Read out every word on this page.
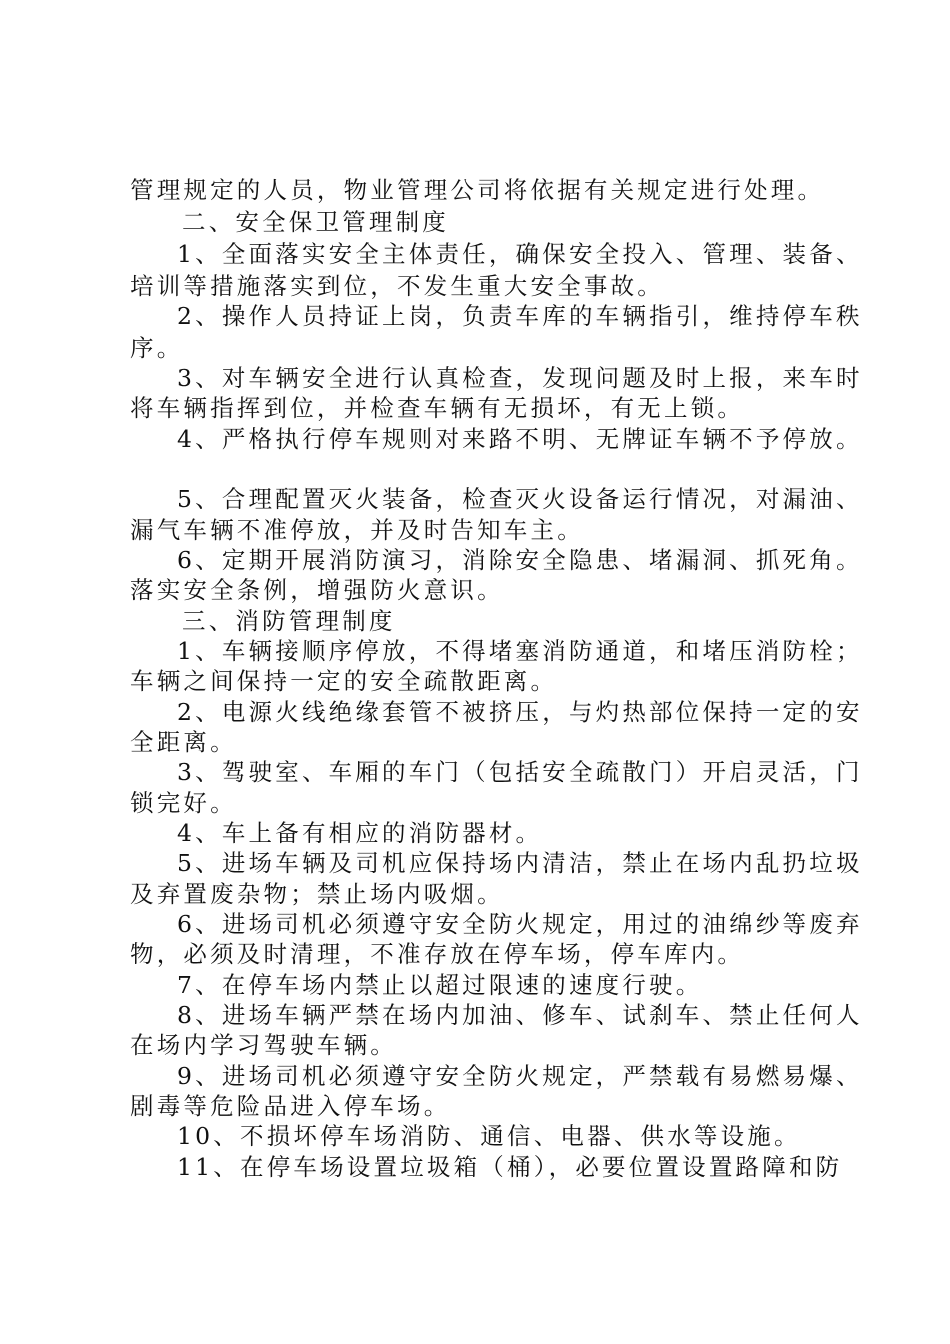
管理规定的人员，物业管理公司将依据有关规定进行处理。
二、安全保卫管理制度
1、全面落实安全主体责任，确保安全投入、管理、装备、
培训等措施落实到位，不发生重大安全事故。
2、操作人员持证上岗，负责车库的车辆指引，维持停车秩
序。
3、对车辆安全进行认真检查，发现问题及时上报，来车时
将车辆指挥到位，并检查车辆有无损坏，有无上锁。
4、严格执行停车规则对来路不明、无牌证车辆不予停放。
5、合理配置灭火装备，检查灭火设备运行情况，对漏油、
漏气车辆不准停放，并及时告知车主。
6、定期开展消防演习，消除安全隐患、堵漏洞、抓死角。
落实安全条例，增强防火意识。
三、消防管理制度
1、车辆接顺序停放，不得堵塞消防通道，和堵压消防栓；
车辆之间保持一定的安全疏散距离。
2、电源火线绝缘套管不被挤压，与灼热部位保持一定的安
全距离。
3、驾驶室、车厢的车门（包括安全疏散门）开启灵活，门
锁完好。
4、车上备有相应的消防器材。
5、进场车辆及司机应保持场内清洁，禁止在场内乱扔垃圾
及弃置废杂物；禁止场内吸烟。
6、进场司机必须遵守安全防火规定，用过的油绵纱等废弃
物，必须及时清理，不准存放在停车场，停车库内。
7、在停车场内禁止以超过限速的速度行驶。
8、进场车辆严禁在场内加油、修车、试刹车、禁止任何人
在场内学习驾驶车辆。
9、进场司机必须遵守安全防火规定，严禁载有易燃易爆、
剧毒等危险品进入停车场。
10、不损坏停车场消防、通信、电器、供水等设施。
11、在停车场设置垃圾箱（桶），必要位置设置路障和防
